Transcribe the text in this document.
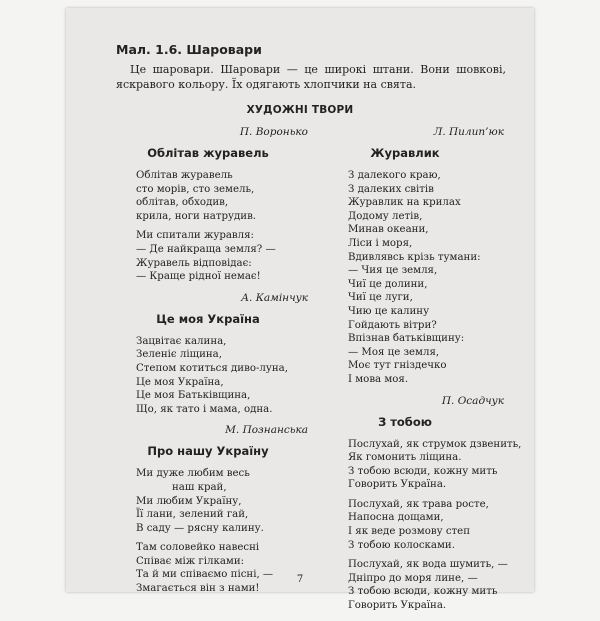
Мал. 1.6. Шаровари

Це шаровари. Шаровари — це широкі штани. Вони шовкові, яскравого кольору. Їх одягають хлопчики на свята.

ХУДОЖНІ ТВОРИ
П. Воронько
Облітав журавель
Облітав журавель
сто морів, сто земель,
облітав, обходив,
крила, ноги натрудив.
Ми спитали журавля:
— Де найкраща земля? —
Журавель відповідає:
— Краще рідної немає!
А. Камінчук
Це моя Україна
Зацвітає калина,
Зеленіє ліщина,
Степом котиться диво-луна,
Це моя Україна,
Це моя Батьківщина,
Що, як тато і мама, одна.
М. Познанська
Про нашу Україну
Ми дуже любим весь
наш край,
Ми любим Україну,
Її лани, зелений гай,
В саду — рясну калину.
Там соловейко навесні
Співає між гілками:
Та й ми співаємо пісні, —
Змагається він з нами!
Л. Пилип’юк
Журавлик
З далекого краю,
З далеких світів
Журавлик на крилах
Додому летів,
Минав океани,
Ліси і моря,
Вдивлявсь крізь тумани:
— Чия це земля,
Чиї це долини,
Чиї це луги,
Чию це калину
Гойдають вітри?
Впізнав батьківщину:
— Моя це земля,
Моє тут гніздечко
І мова моя.
П. Осадчук
З тобою
Послухай, як струмок дзвенить,
Як гомонить ліщина.
З тобою всюди, кожну мить
Говорить Україна.
Послухай, як трава росте,
Напосна дощами,
І як веде розмову степ
З тобою колосками.
Послухай, як вода шумить, —
Дніпро до моря лине, —
З тобою всюди, кожну мить
Говорить Україна.
7
